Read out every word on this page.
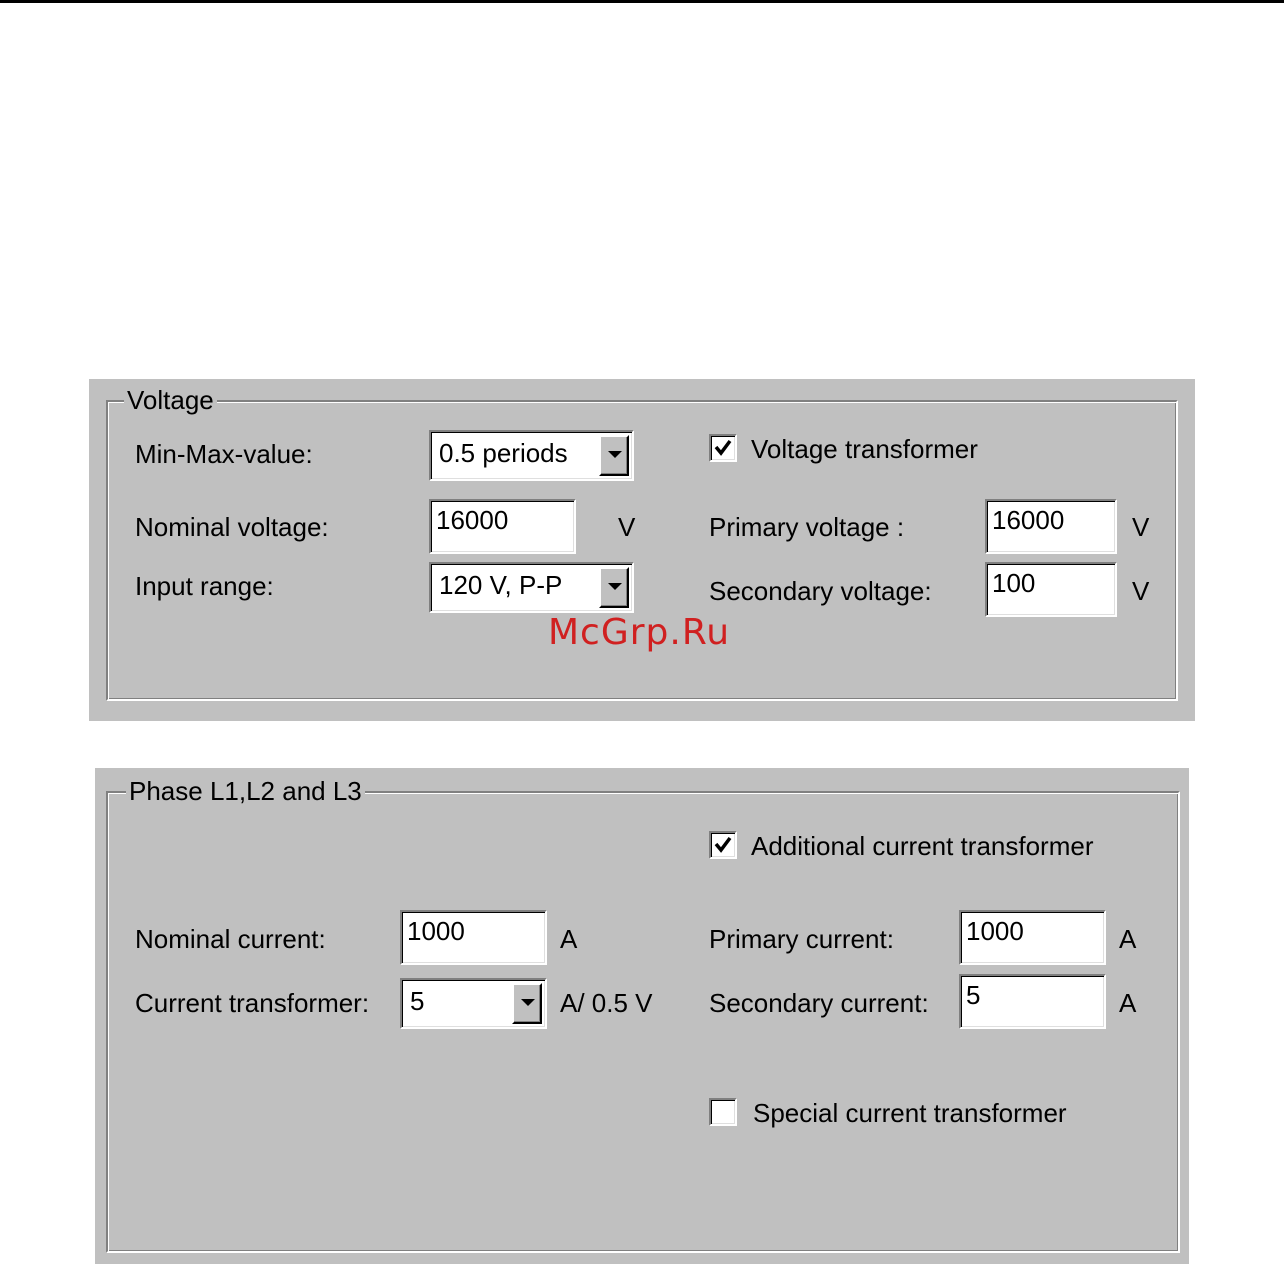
Voltage
Min-Max-value:	0.5 periods
Nominal voltage:	16000	V
Input range:	120 V, P-P
Voltage transformer
Primary voltage :	16000	V
Secondary voltage: 100	V
Phase L1,L2 and L3
Additional current transformer
Nominal current:	1000	A
Current transformer: 5	A/ 0.5 V
Primary current:	1000	A
Secondary current: 5	A
Special current transformer
McGrp.Ru
